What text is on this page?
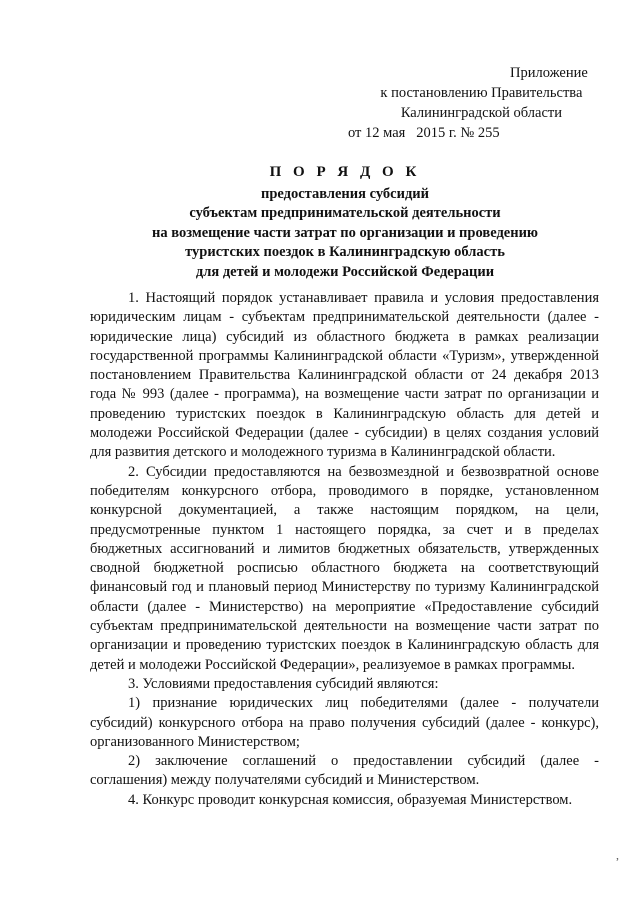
Приложение
к постановлению Правительства
Калининградской области
от 12 мая   2015 г. № 255
П О Р Я Д О К
предоставления субсидий
субъектам предпринимательской деятельности
на возмещение части затрат по организации и проведению
туристских поездок в Калининградскую область
для детей и молодежи Российской Федерации

1. Настоящий порядок устанавливает правила и условия предоставления юридическим лицам - субъектам предпринимательской деятельности (далее - юридические лица) субсидий из областного бюджета в рамках реализации государственной программы Калининградской области «Туризм», утвержденной постановлением Правительства Калининградской области от 24 декабря 2013 года № 993 (далее - программа), на возмещение части затрат по организации и проведению туристских поездок в Калининградскую область для детей и молодежи Российской Федерации (далее - субсидии) в целях создания условий для развития детского и молодежного туризма в Калининградской области.

2. Субсидии предоставляются на безвозмездной и безвозвратной основе победителям конкурсного отбора, проводимого в порядке, установленном конкурсной документацией, а также настоящим порядком, на цели, предусмотренные пунктом 1 настоящего порядка, за счет и в пределах бюджетных ассигнований и лимитов бюджетных обязательств, утвержденных сводной бюджетной росписью областного бюджета на соответствующий финансовый год и плановый период Министерству по туризму Калининградской области (далее - Министерство) на мероприятие «Предоставление субсидий субъектам предпринимательской деятельности на возмещение части затрат по организации и проведению туристских поездок в Калининградскую область для детей и молодежи Российской Федерации», реализуемое в рамках программы.

3. Условиями предоставления субсидий являются:

1) признание юридических лиц победителями (далее - получатели субсидий) конкурсного отбора на право получения субсидий (далее - конкурс), организованного Министерством;

2) заключение соглашений о предоставлении субсидий (далее - соглашения) между получателями субсидий и Министерством.

4. Конкурс проводит конкурсная комиссия, образуемая Министерством.

,
